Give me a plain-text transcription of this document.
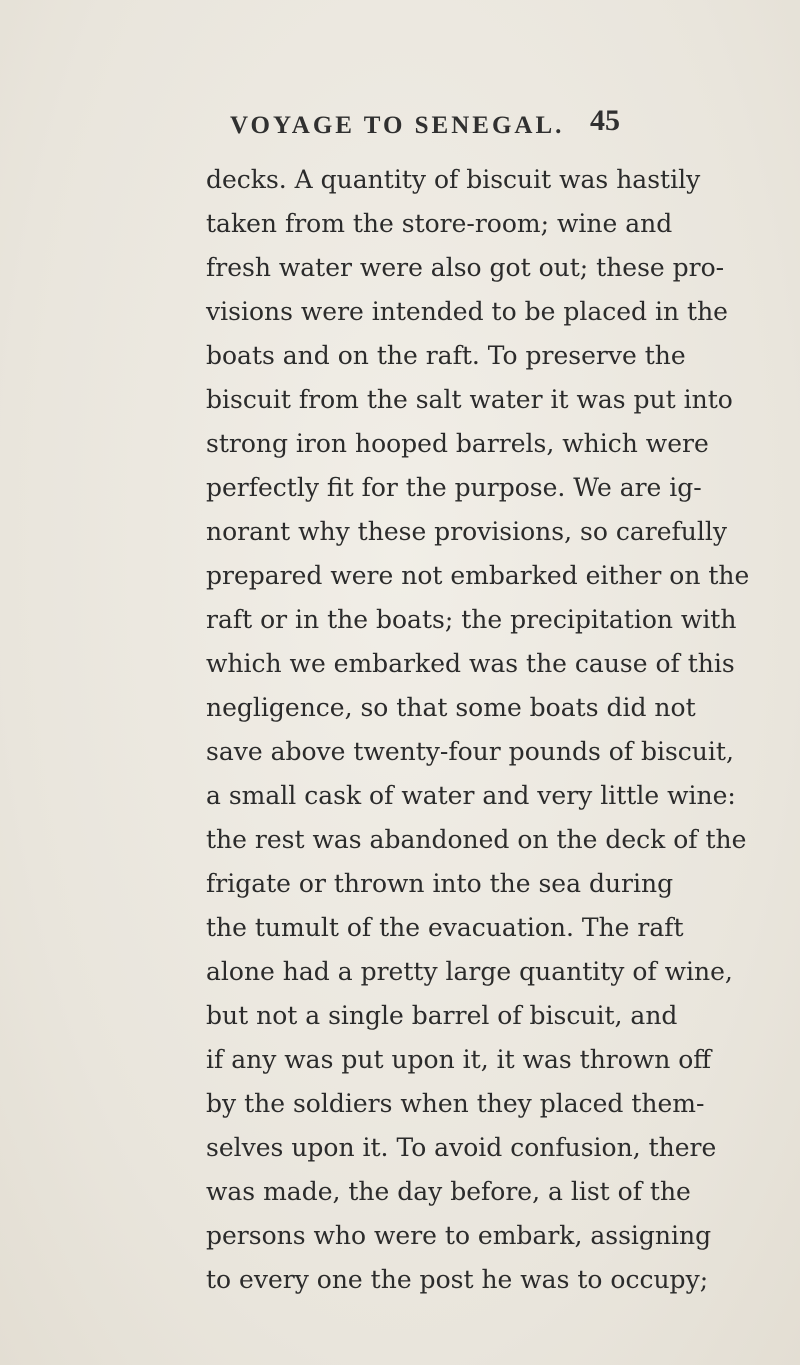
VOYAGE TO SENEGAL. 45
decks. A quantity of biscuit was hastily
taken from the store-room; wine and
fresh water were also got out; these pro-
visions were intended to be placed in the
boats and on the raft. To preserve the
biscuit from the salt water it was put into
strong iron hooped barrels, which were
perfectly fit for the purpose. We are ig-
norant why these provisions, so carefully
prepared were not embarked either on the
raft or in the boats; the precipitation with
which we embarked was the cause of this
negligence, so that some boats did not
save above twenty-four pounds of biscuit,
a small cask of water and very little wine:
the rest was abandoned on the deck of the
frigate or thrown into the sea during
the tumult of the evacuation. The raft
alone had a pretty large quantity of wine,
but not a single barrel of biscuit, and
if any was put upon it, it was thrown off
by the soldiers when they placed them-
selves upon it. To avoid confusion, there
was made, the day before, a list of the
persons who were to embark, assigning
to every one the post he was to occupy;
